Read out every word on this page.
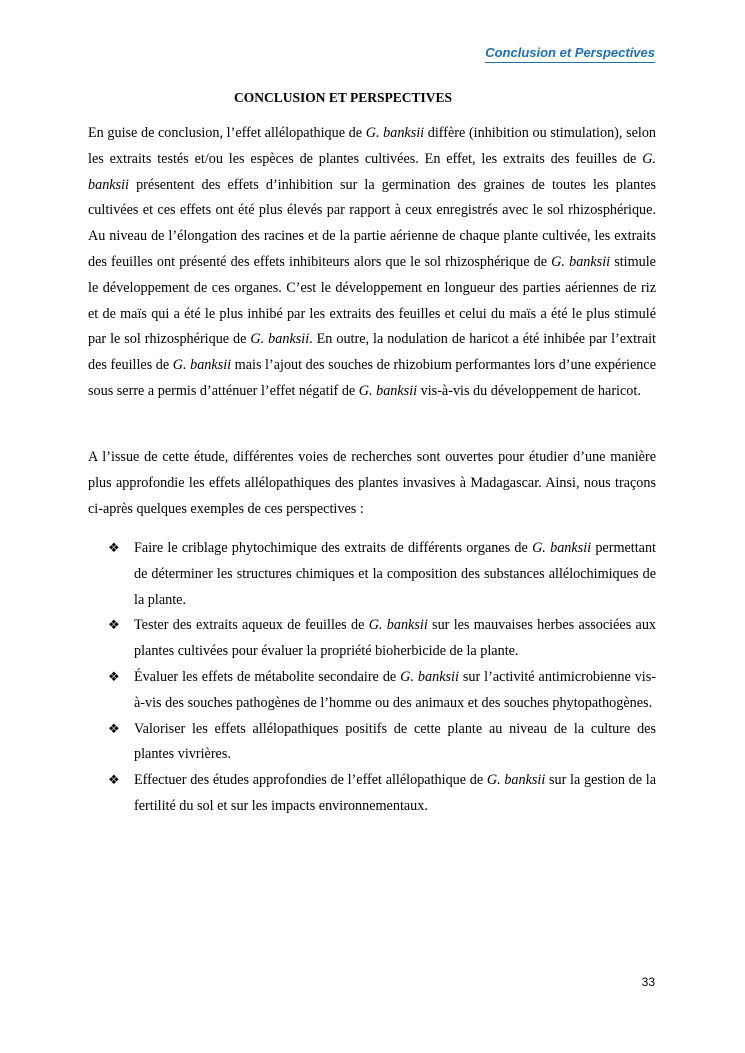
Conclusion et Perspectives
CONCLUSION ET PERSPECTIVES

En guise de conclusion, l’effet allélopathique de G. banksii diffère (inhibition ou stimulation), selon les extraits testés et/ou les espèces de plantes cultivées. En effet, les extraits des feuilles de G. banksii présentent des effets d’inhibition sur la germination des graines de toutes les plantes cultivées et ces effets ont été plus élevés par rapport à ceux enregistrés avec le sol rhizosphérique. Au niveau de l’élongation des racines et de la partie aérienne de chaque plante cultivée, les extraits des feuilles ont présenté des effets inhibiteurs alors que le sol rhizosphérique de G. banksii stimule le développement de ces organes. C’est le développement en longueur des parties aériennes de riz et de maïs qui a été le plus inhibé par les extraits des feuilles et celui du maïs a été le plus stimulé par le sol rhizosphérique de G. banksii. En outre, la nodulation de haricot a été inhibée par l’extrait des feuilles de G. banksii mais l’ajout des souches de rhizobium performantes lors d’une expérience sous serre a permis d’atténuer l’effet négatif de G. banksii vis-à-vis du développement de haricot.

A l’issue de cette étude, différentes voies de recherches sont ouvertes pour étudier d’une manière plus approfondie les effets allélopathiques des plantes invasives à Madagascar. Ainsi, nous traçons ci-après quelques exemples de ces perspectives :

❖ Faire le criblage phytochimique des extraits de différents organes de G. banksii permettant de déterminer les structures chimiques et la composition des substances allélochimiques de la plante.
❖ Tester des extraits aqueux de feuilles de G. banksii sur les mauvaises herbes associées aux plantes cultivées pour évaluer la propriété bioherbicide de la plante.
❖ Évaluer les effets de métabolite secondaire de G. banksii sur l’activité antimicrobienne vis-à-vis des souches pathogènes de l’homme ou des animaux et des souches phytopathogènes.
❖ Valoriser les effets allélopathiques positifs de cette plante au niveau de la culture des plantes vivrières.
❖ Effectuer des études approfondies de l’effet allélopathique de G. banksii sur la gestion de la fertilité du sol et sur les impacts environnementaux.
33
